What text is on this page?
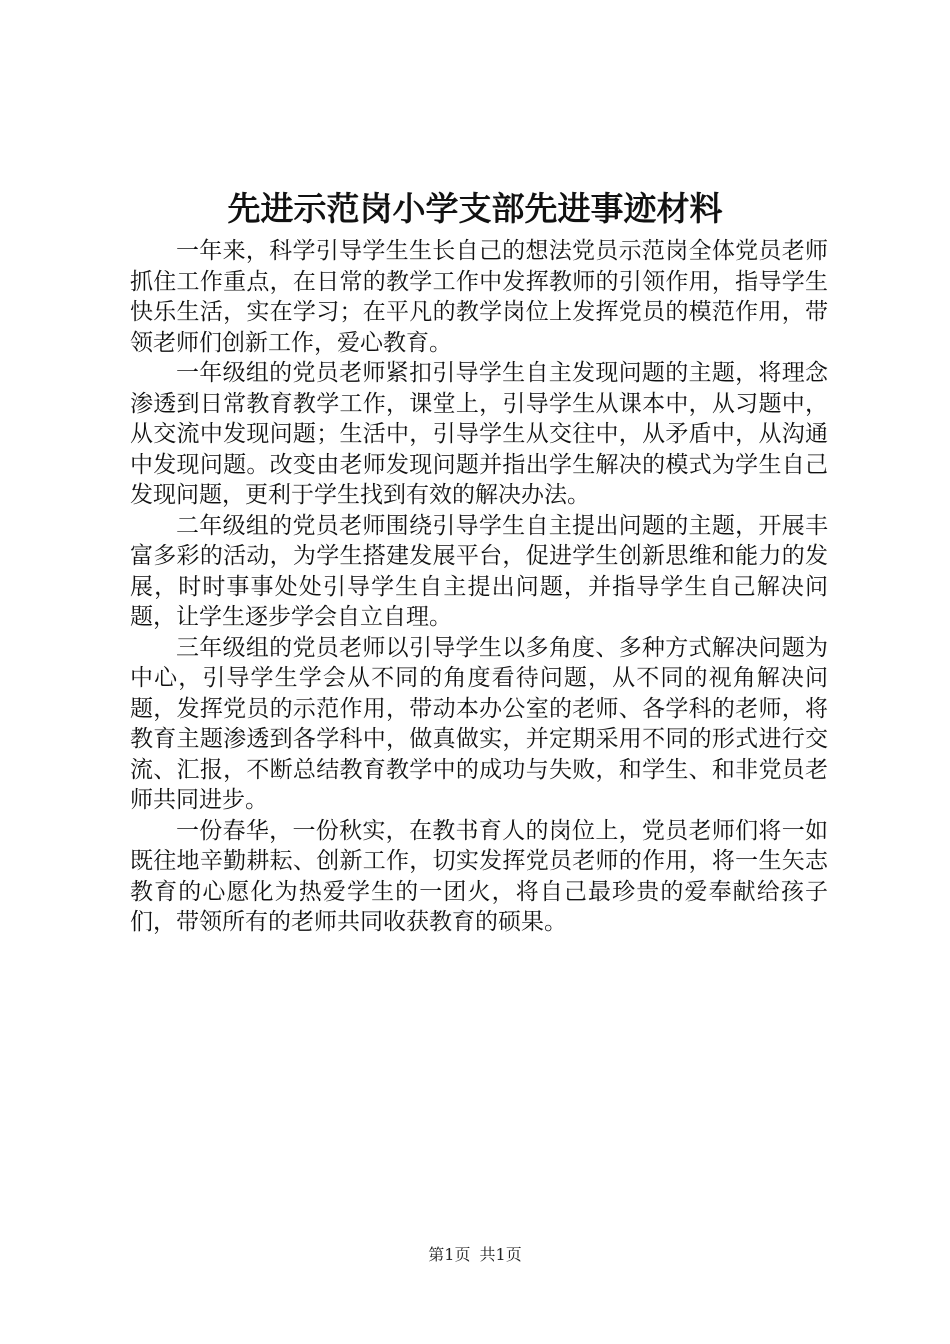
先进示范岗小学支部先进事迹材料

一年来，科学引导学生生长自己的想法党员示范岗全体党员老师抓住工作重点，在日常的教学工作中发挥教师的引领作用，指导学生快乐生活，实在学习；在平凡的教学岗位上发挥党员的模范作用，带领老师们创新工作，爱心教育。

一年级组的党员老师紧扣引导学生自主发现问题的主题，将理念渗透到日常教育教学工作，课堂上，引导学生从课本中，从习题中，从交流中发现问题；生活中，引导学生从交往中，从矛盾中，从沟通中发现问题。改变由老师发现问题并指出学生解决的模式为学生自己发现问题，更利于学生找到有效的解决办法。

二年级组的党员老师围绕引导学生自主提出问题的主题，开展丰富多彩的活动，为学生搭建发展平台，促进学生创新思维和能力的发展，时时事事处处引导学生自主提出问题，并指导学生自己解决问题，让学生逐步学会自立自理。

三年级组的党员老师以引导学生以多角度、多种方式解决问题为中心，引导学生学会从不同的角度看待问题，从不同的视角解决问题，发挥党员的示范作用，带动本办公室的老师、各学科的老师，将教育主题渗透到各学科中，做真做实，并定期采用不同的形式进行交流、汇报，不断总结教育教学中的成功与失败，和学生、和非党员老师共同进步。

一份春华，一份秋实，在教书育人的岗位上，党员老师们将一如既往地辛勤耕耘、创新工作，切实发挥党员老师的作用，将一生矢志教育的心愿化为热爱学生的一团火，将自己最珍贵的爱奉献给孩子们，带领所有的老师共同收获教育的硕果。

第1页 共1页
